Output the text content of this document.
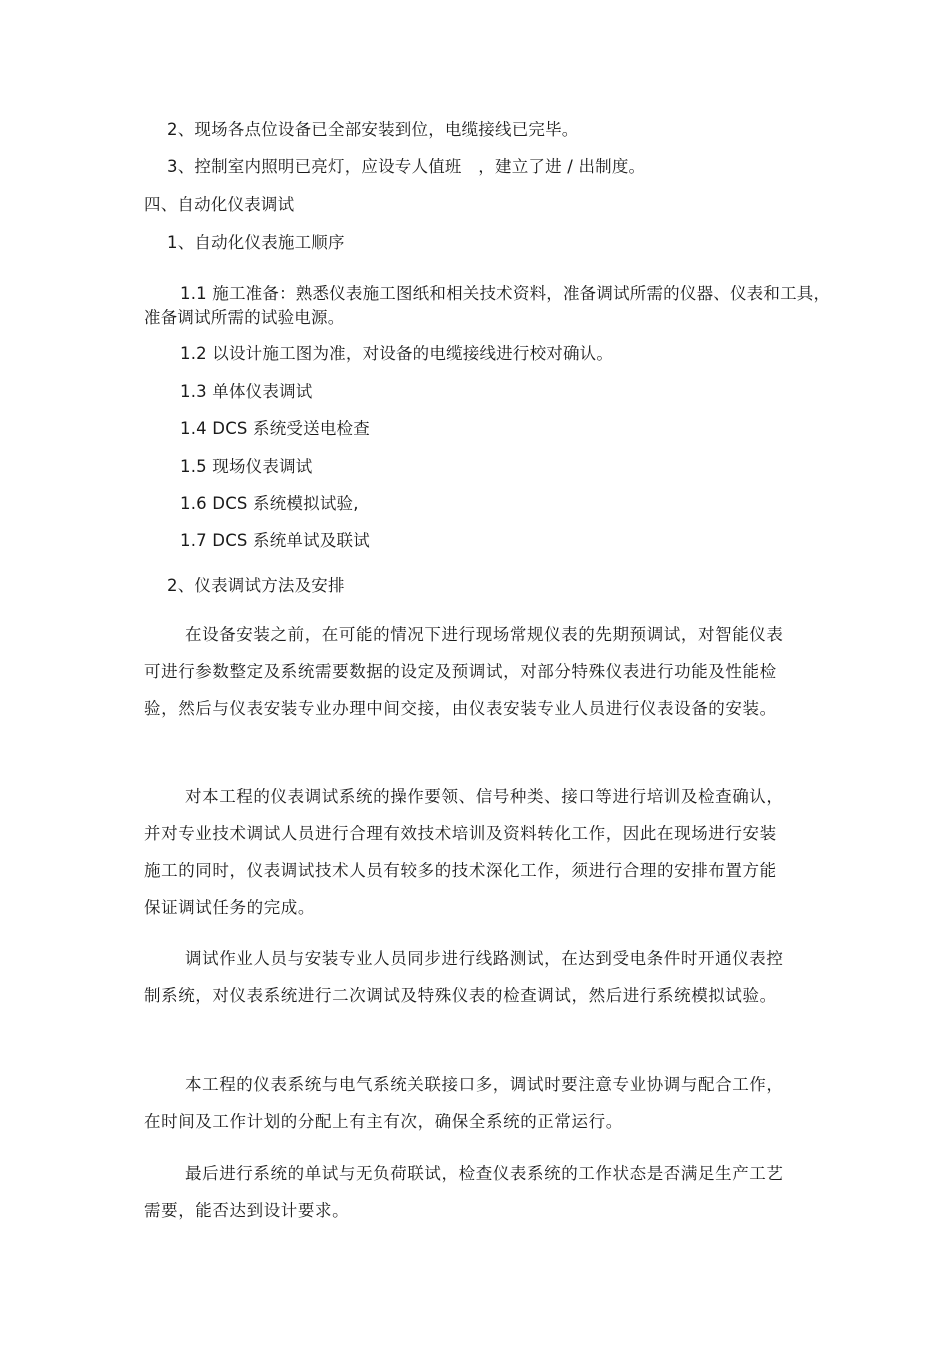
2、现场各点位设备已全部安装到位，电缆接线已完毕。
3、控制室内照明已亮灯，应设专人值班　，建立了进 / 出制度。
四、自动化仪表调试
1、自动化仪表施工顺序
1.1 施工准备：熟悉仪表施工图纸和相关技术资料，准备调试所需的仪器、仪表和工具，准备调试所需的试验电源。
1.2 以设计施工图为准，对设备的电缆接线进行校对确认。
1.3 单体仪表调试
1.4 DCS 系统受送电检查
1.5 现场仪表调试
1.6 DCS 系统模拟试验,
1.7 DCS 系统单试及联试
2、仪表调试方法及安排
在设备安装之前，在可能的情况下进行现场常规仪表的先期预调试，对智能仪表可进行参数整定及系统需要数据的设定及预调试，对部分特殊仪表进行功能及性能检验，然后与仪表安装专业办理中间交接，由仪表安装专业人员进行仪表设备的安装。
对本工程的仪表调试系统的操作要领、信号种类、接口等进行培训及检查确认，并对专业技术调试人员进行合理有效技术培训及资料转化工作，因此在现场进行安装施工的同时，仪表调试技术人员有较多的技术深化工作，须进行合理的安排布置方能保证调试任务的完成。
调试作业人员与安装专业人员同步进行线路测试，在达到受电条件时开通仪表控制系统，对仪表系统进行二次调试及特殊仪表的检查调试，然后进行系统模拟试验。
本工程的仪表系统与电气系统关联接口多，调试时要注意专业协调与配合工作，在时间及工作计划的分配上有主有次，确保全系统的正常运行。
最后进行系统的单试与无负荷联试，检查仪表系统的工作状态是否满足生产工艺需要，能否达到设计要求。
